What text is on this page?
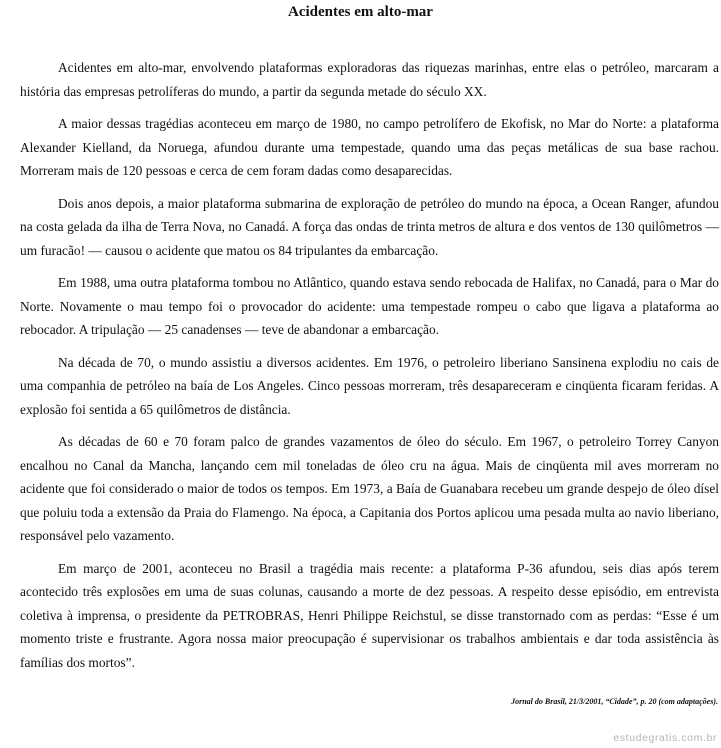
Acidentes em alto-mar

Acidentes em alto-mar, envolvendo plataformas exploradoras das riquezas marinhas, entre elas o petróleo, marcaram a história das empresas petrolíferas do mundo, a partir da segunda metade do século XX.

A maior dessas tragédias aconteceu em março de 1980, no campo petrolífero de Ekofisk, no Mar do Norte: a plataforma Alexander Kielland, da Noruega, afundou durante uma tempestade, quando uma das peças metálicas de sua base rachou. Morreram mais de 120 pessoas e cerca de cem foram dadas como desaparecidas.

Dois anos depois, a maior plataforma submarina de exploração de petróleo do mundo na época, a Ocean Ranger, afundou na costa gelada da ilha de Terra Nova, no Canadá. A força das ondas de trinta metros de altura e dos ventos de 130 quilômetros — um furacão! — causou o acidente que matou os 84 tripulantes da embarcação.

Em 1988, uma outra plataforma tombou no Atlântico, quando estava sendo rebocada de Halifax, no Canadá, para o Mar do Norte. Novamente o mau tempo foi o provocador do acidente: uma tempestade rompeu o cabo que ligava a plataforma ao rebocador. A tripulação — 25 canadenses — teve de abandonar a embarcação.

Na década de 70, o mundo assistiu a diversos acidentes. Em 1976, o petroleiro liberiano Sansinena explodiu no cais de uma companhia de petróleo na baía de Los Angeles. Cinco pessoas morreram, três desapareceram e cinqüenta ficaram feridas. A explosão foi sentida a 65 quilômetros de distância.

As décadas de 60 e 70 foram palco de grandes vazamentos de óleo do século. Em 1967, o petroleiro Torrey Canyon encalhou no Canal da Mancha, lançando cem mil toneladas de óleo cru na água. Mais de cinqüenta mil aves morreram no acidente que foi considerado o maior de todos os tempos. Em 1973, a Baía de Guanabara recebeu um grande despejo de óleo dísel que poluiu toda a extensão da Praia do Flamengo. Na época, a Capitania dos Portos aplicou uma pesada multa ao navio liberiano, responsável pelo vazamento.

Em março de 2001, aconteceu no Brasil a tragédia mais recente: a plataforma P-36 afundou, seis dias após terem acontecido três explosões em uma de suas colunas, causando a morte de dez pessoas. A respeito desse episódio, em entrevista coletiva à imprensa, o presidente da PETROBRAS, Henri Philippe Reichstul, se disse transtornado com as perdas: “Esse é um momento triste e frustrante. Agora nossa maior preocupação é supervisionar os trabalhos ambientais e dar toda assistência às famílias dos mortos”.

Jornal do Brasil, 21/3/2001, “Cidade”, p. 20 (com adaptações).

estudegratis.com.br
